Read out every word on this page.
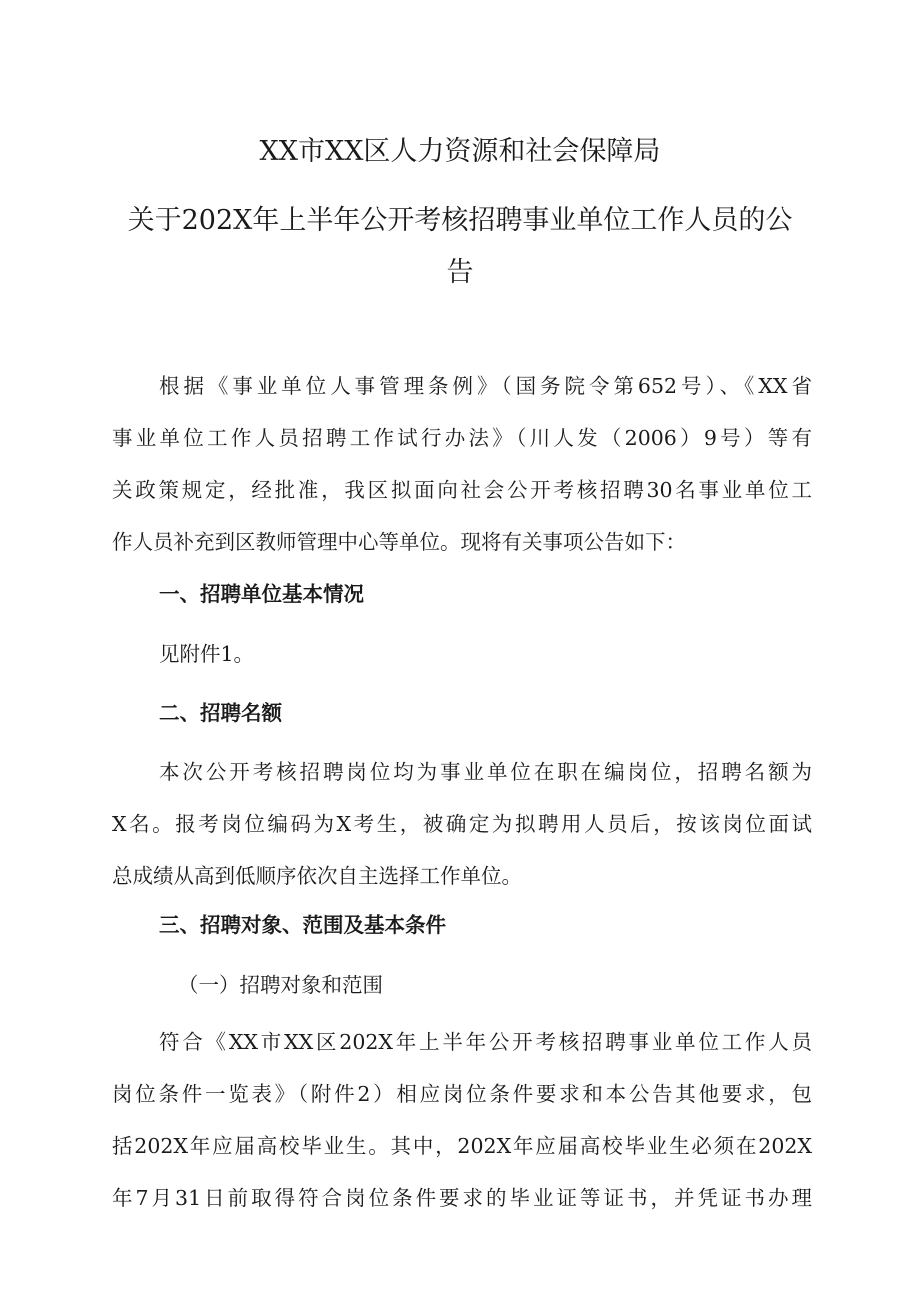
XX市XX区人力资源和社会保障局
关于202X年上半年公开考核招聘事业单位工作人员的公
告
根据《事业单位人事管理条例》（国务院令第652号）、《XX省
事业单位工作人员招聘工作试行办法》（川人发（2006）9号）等有
关政策规定，经批准，我区拟面向社会公开考核招聘30名事业单位工
作人员补充到区教师管理中心等单位。现将有关事项公告如下：
一、招聘单位基本情况
见附件1。
二、招聘名额
本次公开考核招聘岗位均为事业单位在职在编岗位，招聘名额为
X名。报考岗位编码为X考生，被确定为拟聘用人员后，按该岗位面试
总成绩从高到低顺序依次自主选择工作单位。
三、招聘对象、范围及基本条件
（一）招聘对象和范围
符合《XX市XX区202X年上半年公开考核招聘事业单位工作人员
岗位条件一览表》（附件2）相应岗位条件要求和本公告其他要求，包
括202X年应届高校毕业生。其中，202X年应届高校毕业生必须在202X
年7月31日前取得符合岗位条件要求的毕业证等证书，并凭证书办理
